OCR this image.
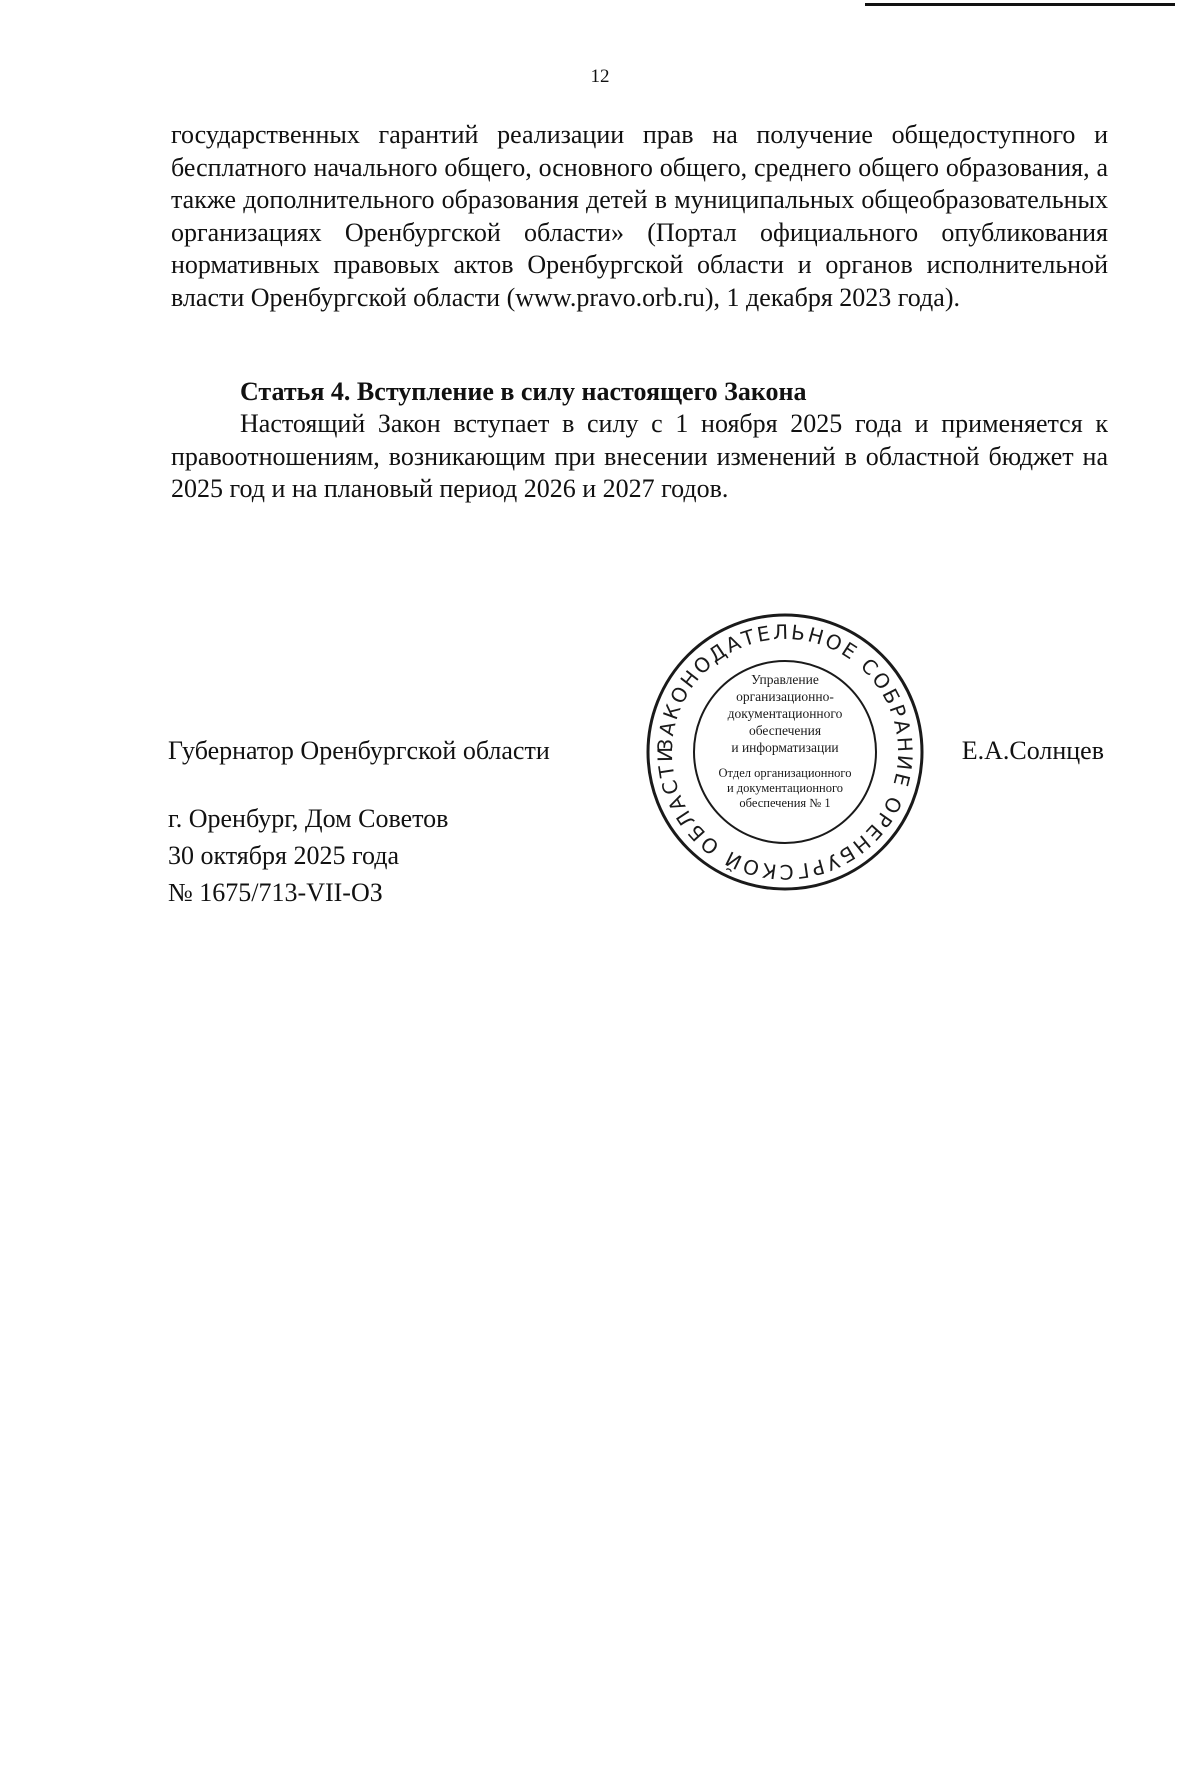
12
государственных гарантий реализации прав на получение общедоступного и бесплатного начального общего, основного общего, среднего общего образования, а также дополнительного образования детей в муниципальных общеобразовательных организациях Оренбургской области» (Портал официального опубликования нормативных правовых актов Оренбургской области и органов исполнительной власти Оренбургской области (www.pravo.orb.ru), 1 декабря 2023 года).
Статья 4. Вступление в силу настоящего Закона
Настоящий Закон вступает в силу с 1 ноября 2025 года и применяется к правоотношениям, возникающим при внесении изменений в областной бюджет на 2025 год и на плановый период 2026 и 2027 годов.
Губернатор Оренбургской области	Е.А.Солнцев
г. Оренбург, Дом Советов
30 октября 2025 года
№ 1675/713-VII-ОЗ
ЗАКОНОДАТЕЛЬНОЕ СОБРАНИЕ ОРЕНБУРГСКОЙ ОБЛАСТИ
Управление
организационно-
документационного
обеспечения
и информатизации
Отдел организационного
и документационного
обеспечения № 1
